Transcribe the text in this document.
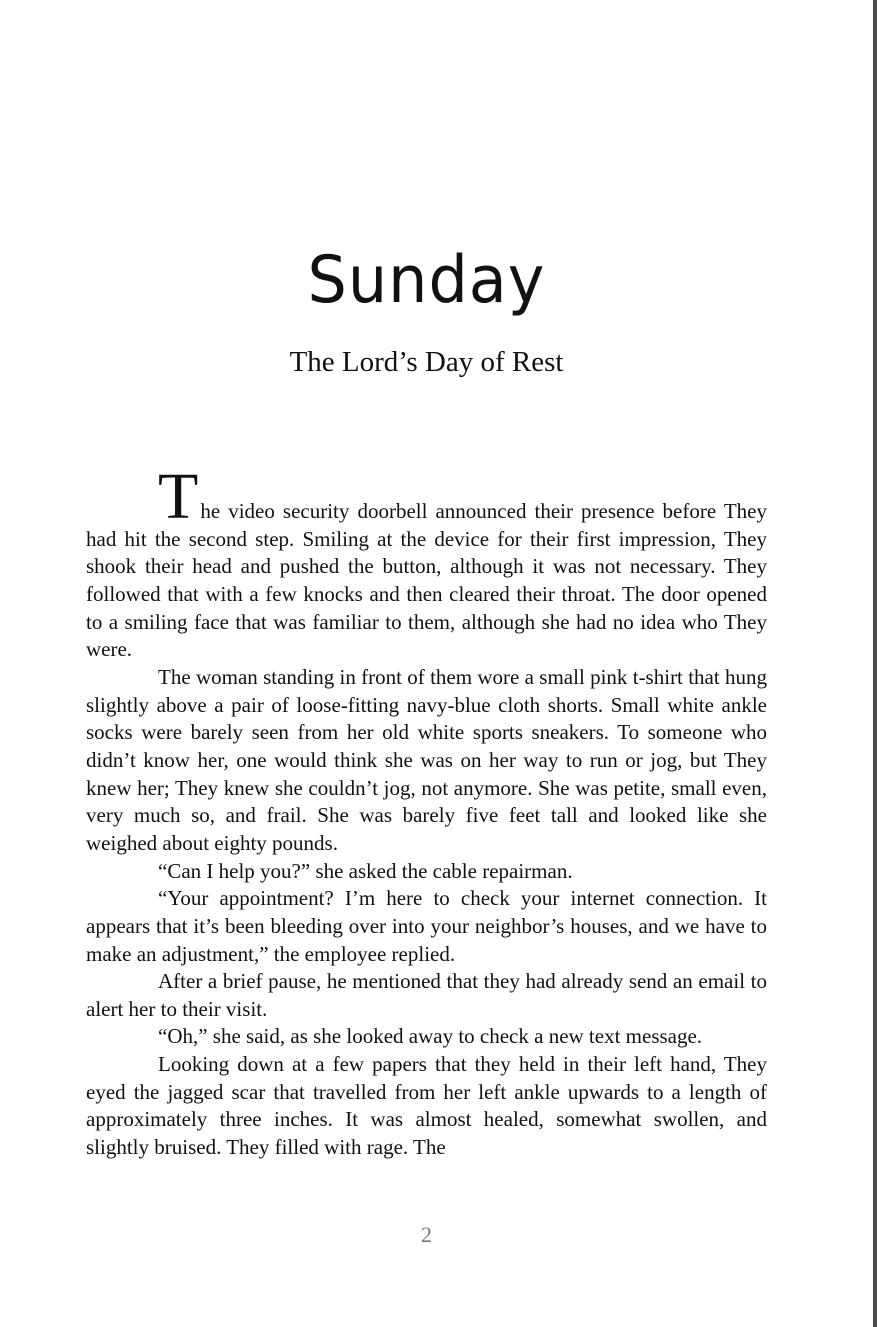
Sunday
The Lord’s Day of Rest

The video security doorbell announced their presence before They had hit the second step. Smiling at the device for their first impression, They shook their head and pushed the button, although it was not necessary. They followed that with a few knocks and then cleared their throat. The door opened to a smiling face that was familiar to them, although she had no idea who They were.

The woman standing in front of them wore a small pink t-shirt that hung slightly above a pair of loose-fitting navy-blue cloth shorts. Small white ankle socks were barely seen from her old white sports sneakers. To someone who didn’t know her, one would think she was on her way to run or jog, but They knew her; They knew she couldn’t jog, not anymore. She was petite, small even, very much so, and frail. She was barely five feet tall and looked like she weighed about eighty pounds.

“Can I help you?” she asked the cable repairman.

“Your appointment? I’m here to check your internet connection. It appears that it’s been bleeding over into your neighbor’s houses, and we have to make an adjustment,” the employee replied.

After a brief pause, he mentioned that they had already send an email to alert her to their visit.

“Oh,” she said, as she looked away to check a new text message.

Looking down at a few papers that they held in their left hand, They eyed the jagged scar that travelled from her left ankle upwards to a length of approximately three inches. It was almost healed, somewhat swollen, and slightly bruised. They filled with rage. The

2
